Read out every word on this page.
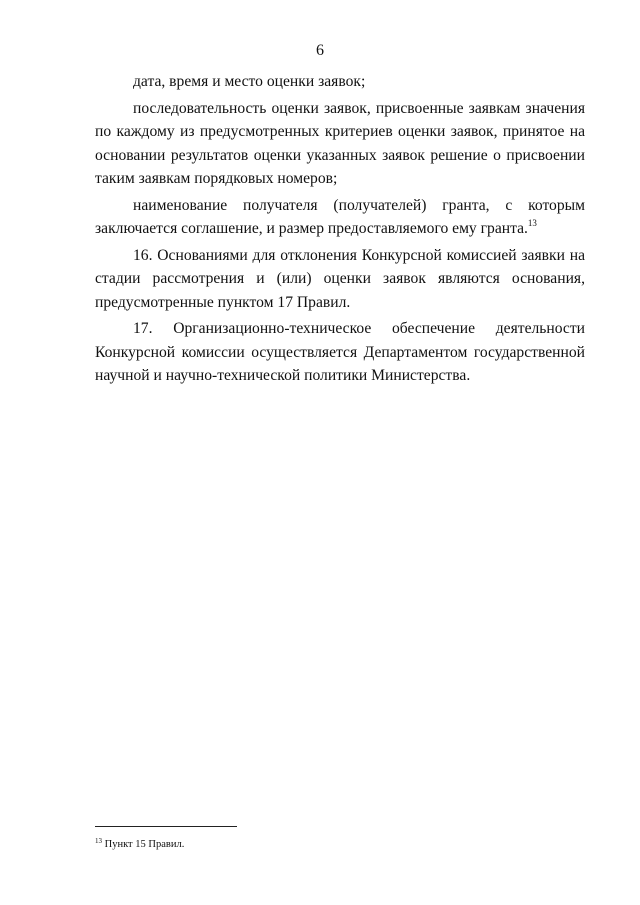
6

дата, время и место оценки заявок;

последовательность оценки заявок, присвоенные заявкам значения по каждому из предусмотренных критериев оценки заявок, принятое на основании результатов оценки указанных заявок решение о присвоении таким заявкам порядковых номеров;

наименование получателя (получателей) гранта, с которым

заключается соглашение, и размер предоставляемого ему гранта.$^{13}$

16. Основаниями для отклонения Конкурсной комиссией заявки на стадии рассмотрения и (или) оценки заявок являются основания, предусмотренные пунктом 17 Правил.

17. Организационно-техническое обеспечение деятельности Конкурсной комиссии осуществляется Департаментом государственной научной и научно-технической политики Министерства.

$^{13}$ Пункт 15 Правил.
